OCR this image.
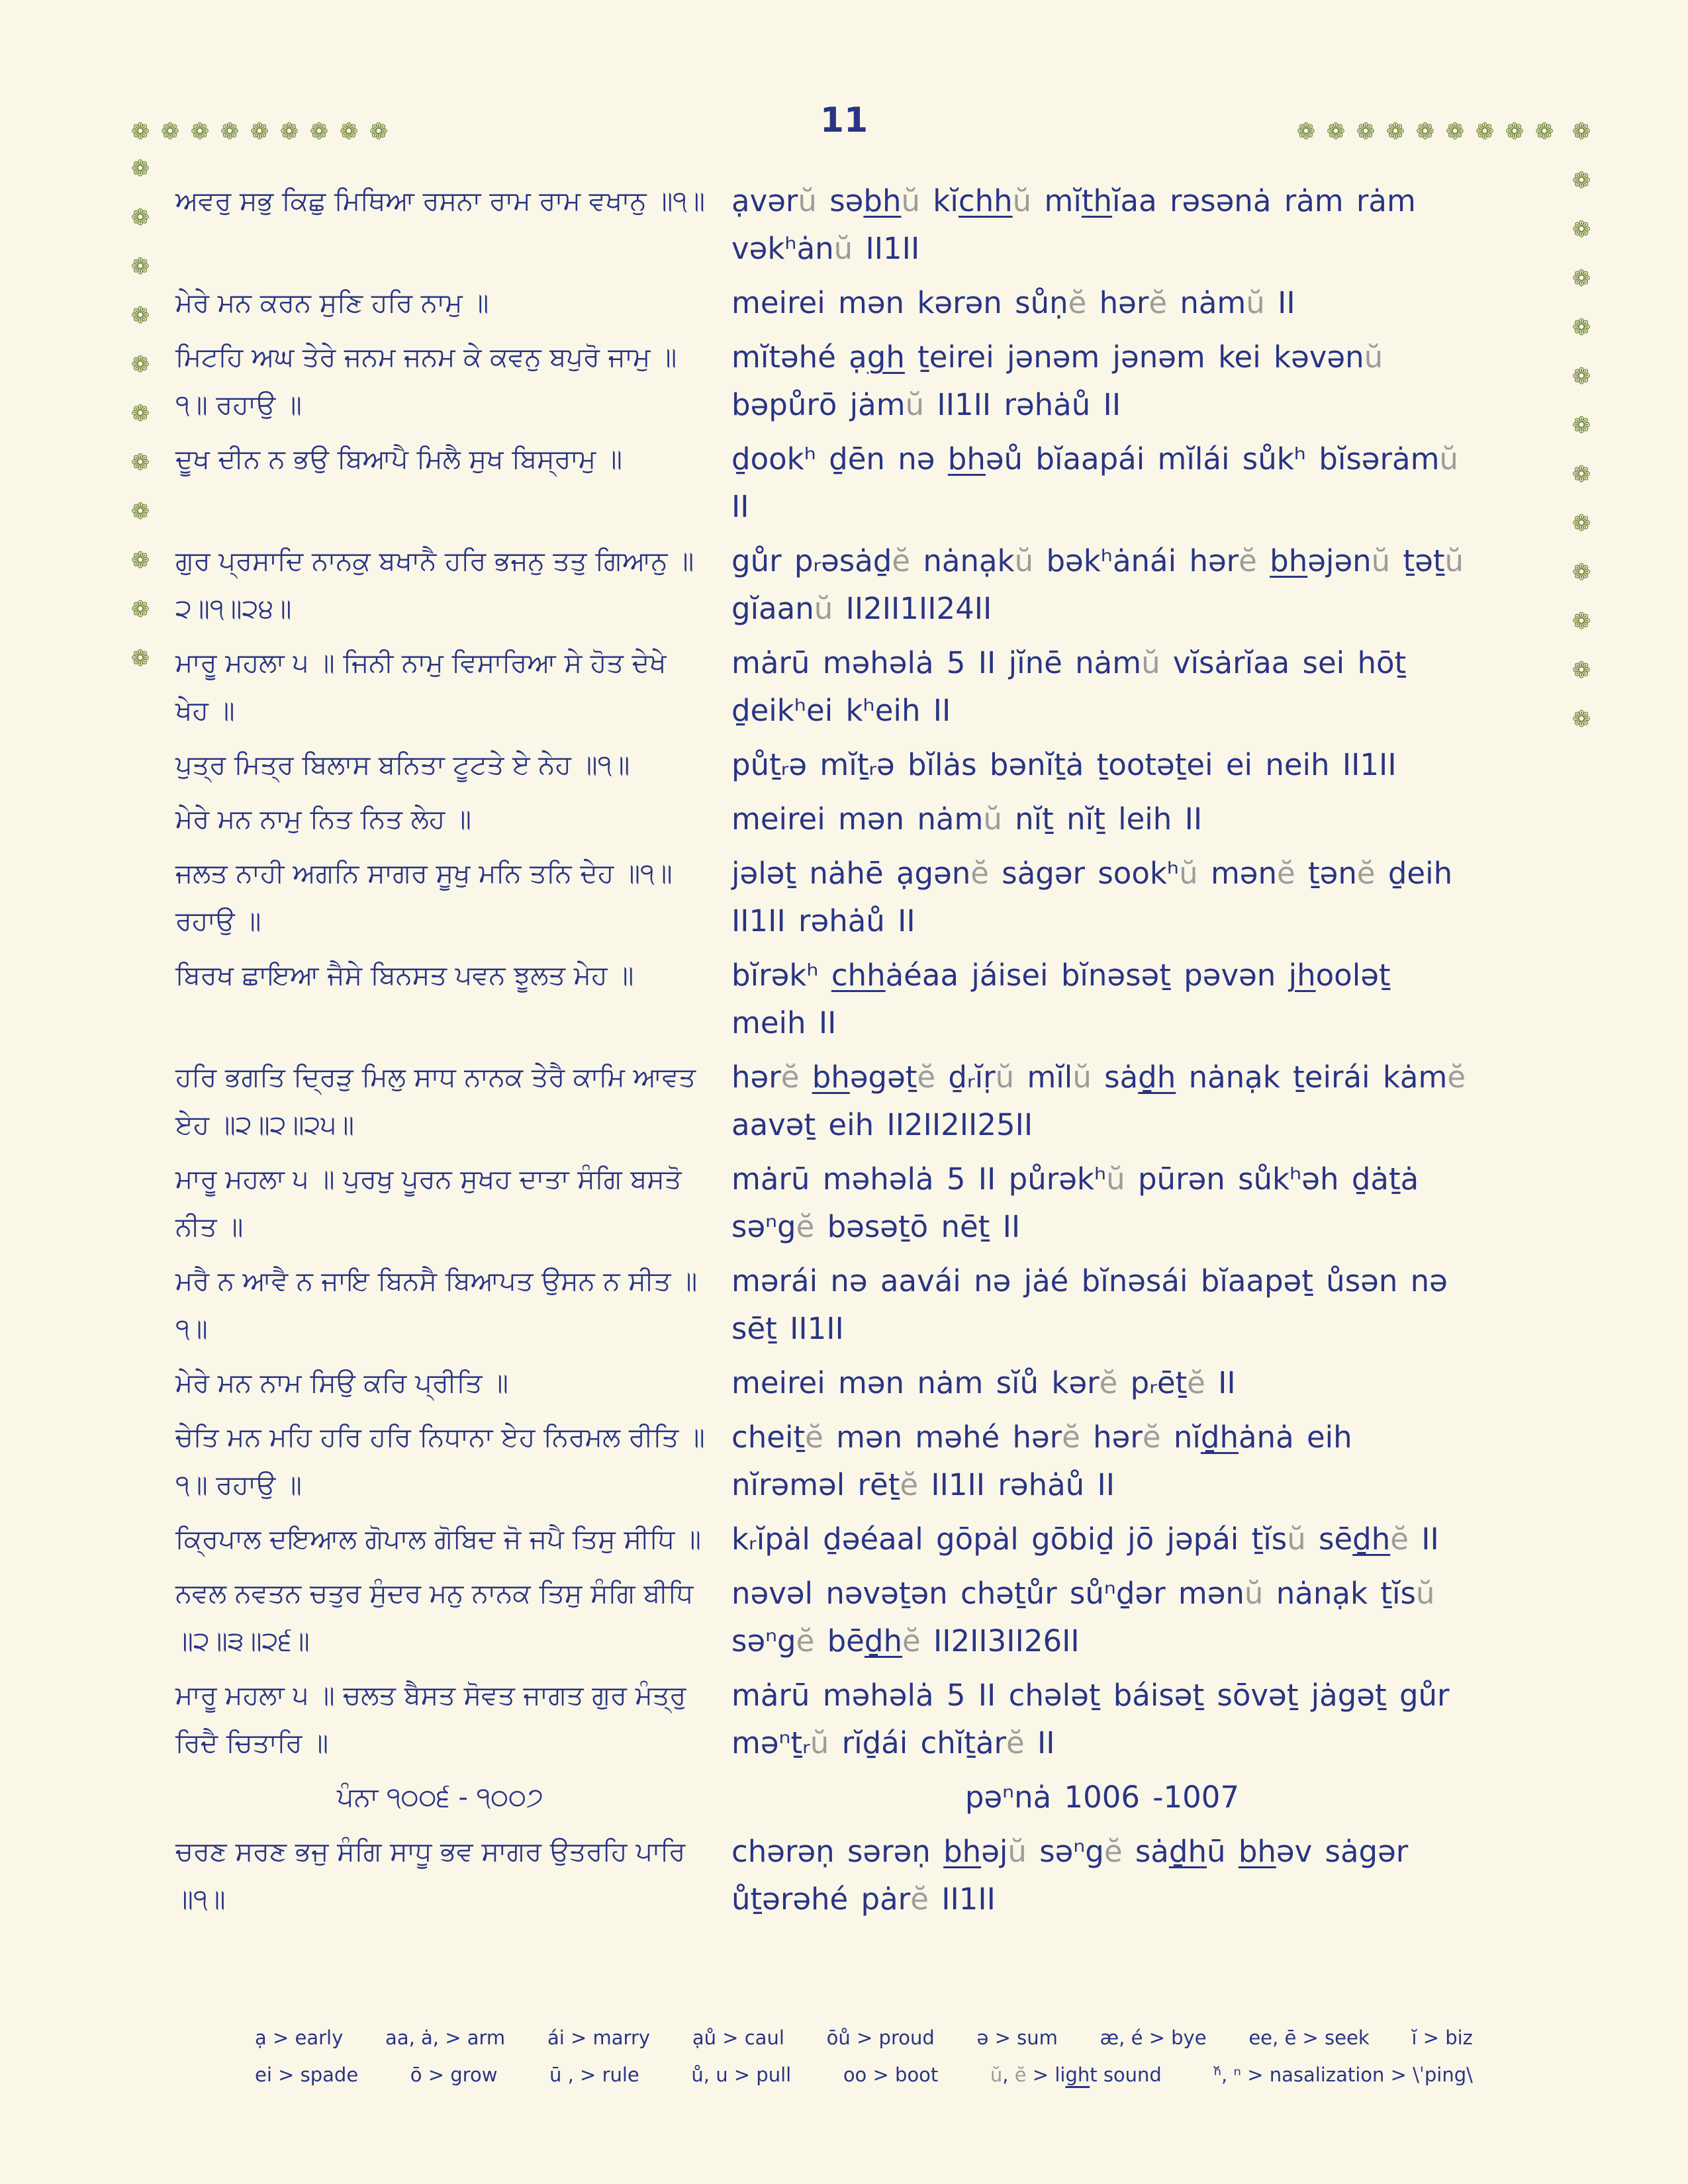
11
❁ ❁ ❁ ❁ ❁ ❁ ❁ ❁ ❁
❁
❁
❁
❁
❁
❁
❁
❁
❁
❁
❁
❁ ❁ ❁ ❁ ❁ ❁ ❁ ❁ ❁ ❁
❁
❁
❁
❁
❁
❁
❁
❁
❁
❁
❁
❁
ਅਵਰੁ ਸਭੁ ਕਿਛੁ ਮਿਥਿਆ ਰਸਨਾ ਰਾਮ ਰਾਮ ਵਖਾਨੁ ॥੧॥ ạvərŭ səbhŭ kĭchhŭ mĭthĭaa rəsənȧ rȧm rȧm vəkʰȧnŭ II1II
ਮੇਰੇ ਮਨ ਕਰਨ ਸੁਣਿ ਹਰਿ ਨਾਮੁ ॥	meirei mən kərən sůṇĕ hərĕ nȧmŭ II
ਮਿਟਹਿ ਅਘ ਤੇਰੇ ਜਨਮ ਜਨਮ ਕੇ ਕਵਨੁ ਬਪੁਰੋ ਜਾਮੁ ॥੧॥ ਰਹਾਉ ॥
mĭtəhé ạgh ṯeirei jənəm jənəm kei kəvənŭ bəpůrō jȧmŭ II1II rəhȧů II
ਦੂਖ ਦੀਨ ਨ ਭਉ ਬਿਆਪੈ ਮਿਲੈ ਸੁਖ ਬਿਸ੍ਰਾਮੁ ॥	ḏookʰ ḏēn nə bhəů bĭaapái mĭlái sůkʰ bĭsərȧmŭ II
ਗੁਰ ਪ੍ਰਸਾਦਿ ਨਾਨਕੁ ਬਖਾਨੈ ਹਰਿ ਭਜਨੁ ਤਤੁ ਗਿਆਨੁ ॥੨॥੧॥੨੪॥
gůr pᵣəsȧḏĕ nȧnạkŭ bəkʰȧnái hərĕ bhəjənŭ ṯəṯŭ gĭaanŭ II2II1II24II
ਮਾਰੂ ਮਹਲਾ ੫ ॥ ਜਿਨੀ ਨਾਮੁ ਵਿਸਾਰਿਆ ਸੇ ਹੋਤ ਦੇਖੇ ਖੇਹ ॥
mȧrū məhəlȧ 5 II jĭnē nȧmŭ vĭsȧrĭaa sei hōṯ ḏeikʰei kʰeih II
ਪੁਤ੍ਰ ਮਿਤ੍ਰ ਬਿਲਾਸ ਬਨਿਤਾ ਟੂਟਤੇ ਏ ਨੇਹ ॥੧॥	půṯᵣə mĭṯᵣə bĭlȧs bənĭṯȧ ṯootəṯei ei neih II1II
ਮੇਰੇ ਮਨ ਨਾਮੁ ਨਿਤ ਨਿਤ ਲੇਹ ॥	meirei mən nȧmŭ nĭṯ nĭṯ leih II
ਜਲਤ ਨਾਹੀ ਅਗਨਿ ਸਾਗਰ ਸੂਖੁ ਮਨਿ ਤਨਿ ਦੇਹ ॥੧॥ ਰਹਾਉ ॥
jələṯ nȧhē ạgənĕ sȧgər sookʰŭ mənĕ ṯənĕ ḏeih II1II rəhȧů II
ਬਿਰਖ ਛਾਇਆ ਜੈਸੇ ਬਿਨਸਤ ਪਵਨ ਝੂਲਤ ਮੇਹ ॥	bĭrəkʰ chhȧéaa jáisei bĭnəsəṯ pəvən jhooləṯ meih II
ਹਰਿ ਭਗਤਿ ਦ੍ਰਿੜੁ ਮਿਲੁ ਸਾਧ ਨਾਨਕ ਤੇਰੈ ਕਾਮਿ ਆਵਤ ਏਹ ॥੨॥੨॥੨੫॥
hərĕ bhəgəṯĕ ḏᵣĭṛŭ mĭlŭ sȧḏh nȧnạk ṯeirái kȧmĕ aavəṯ eih II2II2II25II
ਮਾਰੂ ਮਹਲਾ ੫ ॥ ਪੁਰਖੁ ਪੂਰਨ ਸੁਖਹ ਦਾਤਾ ਸੰਗਿ ਬਸਤੋ ਨੀਤ ॥
mȧrū məhəlȧ 5 II půrəkʰŭ pūrən sůkʰəh ḏȧṯȧ səⁿgĕ bəsəṯō nēṯ II
ਮਰੈ ਨ ਆਵੈ ਨ ਜਾਇ ਬਿਨਸੈ ਬਿਆਪਤ ਉਸਨ ਨ ਸੀਤ ॥੧॥
mərái nə aavái nə jȧé bĭnəsái bĭaapəṯ ůsən nə sēṯ II1II
ਮੇਰੇ ਮਨ ਨਾਮ ਸਿਉ ਕਰਿ ਪ੍ਰੀਤਿ ॥	meirei mən nȧm sĭů kərĕ pᵣēṯĕ II
ਚੇਤਿ ਮਨ ਮਹਿ ਹਰਿ ਹਰਿ ਨਿਧਾਨਾ ਏਹ ਨਿਰਮਲ ਰੀਤਿ ॥੧॥ ਰਹਾਉ ॥
cheiṯĕ mən məhé hərĕ hərĕ nĭḏhȧnȧ eih nĭrəməl rēṯĕ II1II rəhȧů II
ਕ੍ਰਿਪਾਲ ਦਇਆਲ ਗੋਪਾਲ ਗੋਬਿਦ ਜੋ ਜਪੈ ਤਿਸੁ ਸੀਧਿ ॥ kᵣĭpȧl ḏəéaal gōpȧl gōbiḏ jō jəpái ṯĭsŭ sēḏhĕ II
ਨਵਲ ਨਵਤਨ ਚਤੁਰ ਸੁੰਦਰ ਮਨੁ ਨਾਨਕ ਤਿਸੁ ਸੰਗਿ ਬੀਧਿ ॥੨॥੩॥੨੬॥
nəvəl nəvəṯən chəṯůr sůⁿḏər mənŭ nȧnạk ṯĭsŭ səⁿgĕ bēḏhĕ II2II3II26II
ਮਾਰੂ ਮਹਲਾ ੫ ॥ ਚਲਤ ਬੈਸਤ ਸੋਵਤ ਜਾਗਤ ਗੁਰ ਮੰਤ੍ਰੁ ਰਿਦੈ ਚਿਤਾਰਿ ॥
mȧrū məhəlȧ 5 II chələṯ báisəṯ sōvəṯ jȧgəṯ gůr məⁿṯᵣŭ rĭḏái chĭṯȧrĕ II
ਪੰਨਾ ੧੦੦੬ - ੧੦੦੭	pəⁿnȧ 1006 -1007
ਚਰਣ ਸਰਣ ਭਜੁ ਸੰਗਿ ਸਾਧੂ ਭਵ ਸਾਗਰ ਉਤਰਹਿ ਪਾਰਿ ॥੧॥
chərəṇ sərəṇ bhəjŭ səⁿgĕ sȧḏhū bhəv sȧgər ůṯərəhé pȧrĕ II1II
ạ > early aa, ȧ, > arm ái > marry ạů > caul ōů > proud ə > sum æ, é > bye ee, ē > seek ĭ > biz
ei > spade	ō > grow	ū , > rule	ů, u > pull	oo > boot	ŭ, ĕ > light sound	ⁿ̆, ⁿ > nasalization > \ˈping\
